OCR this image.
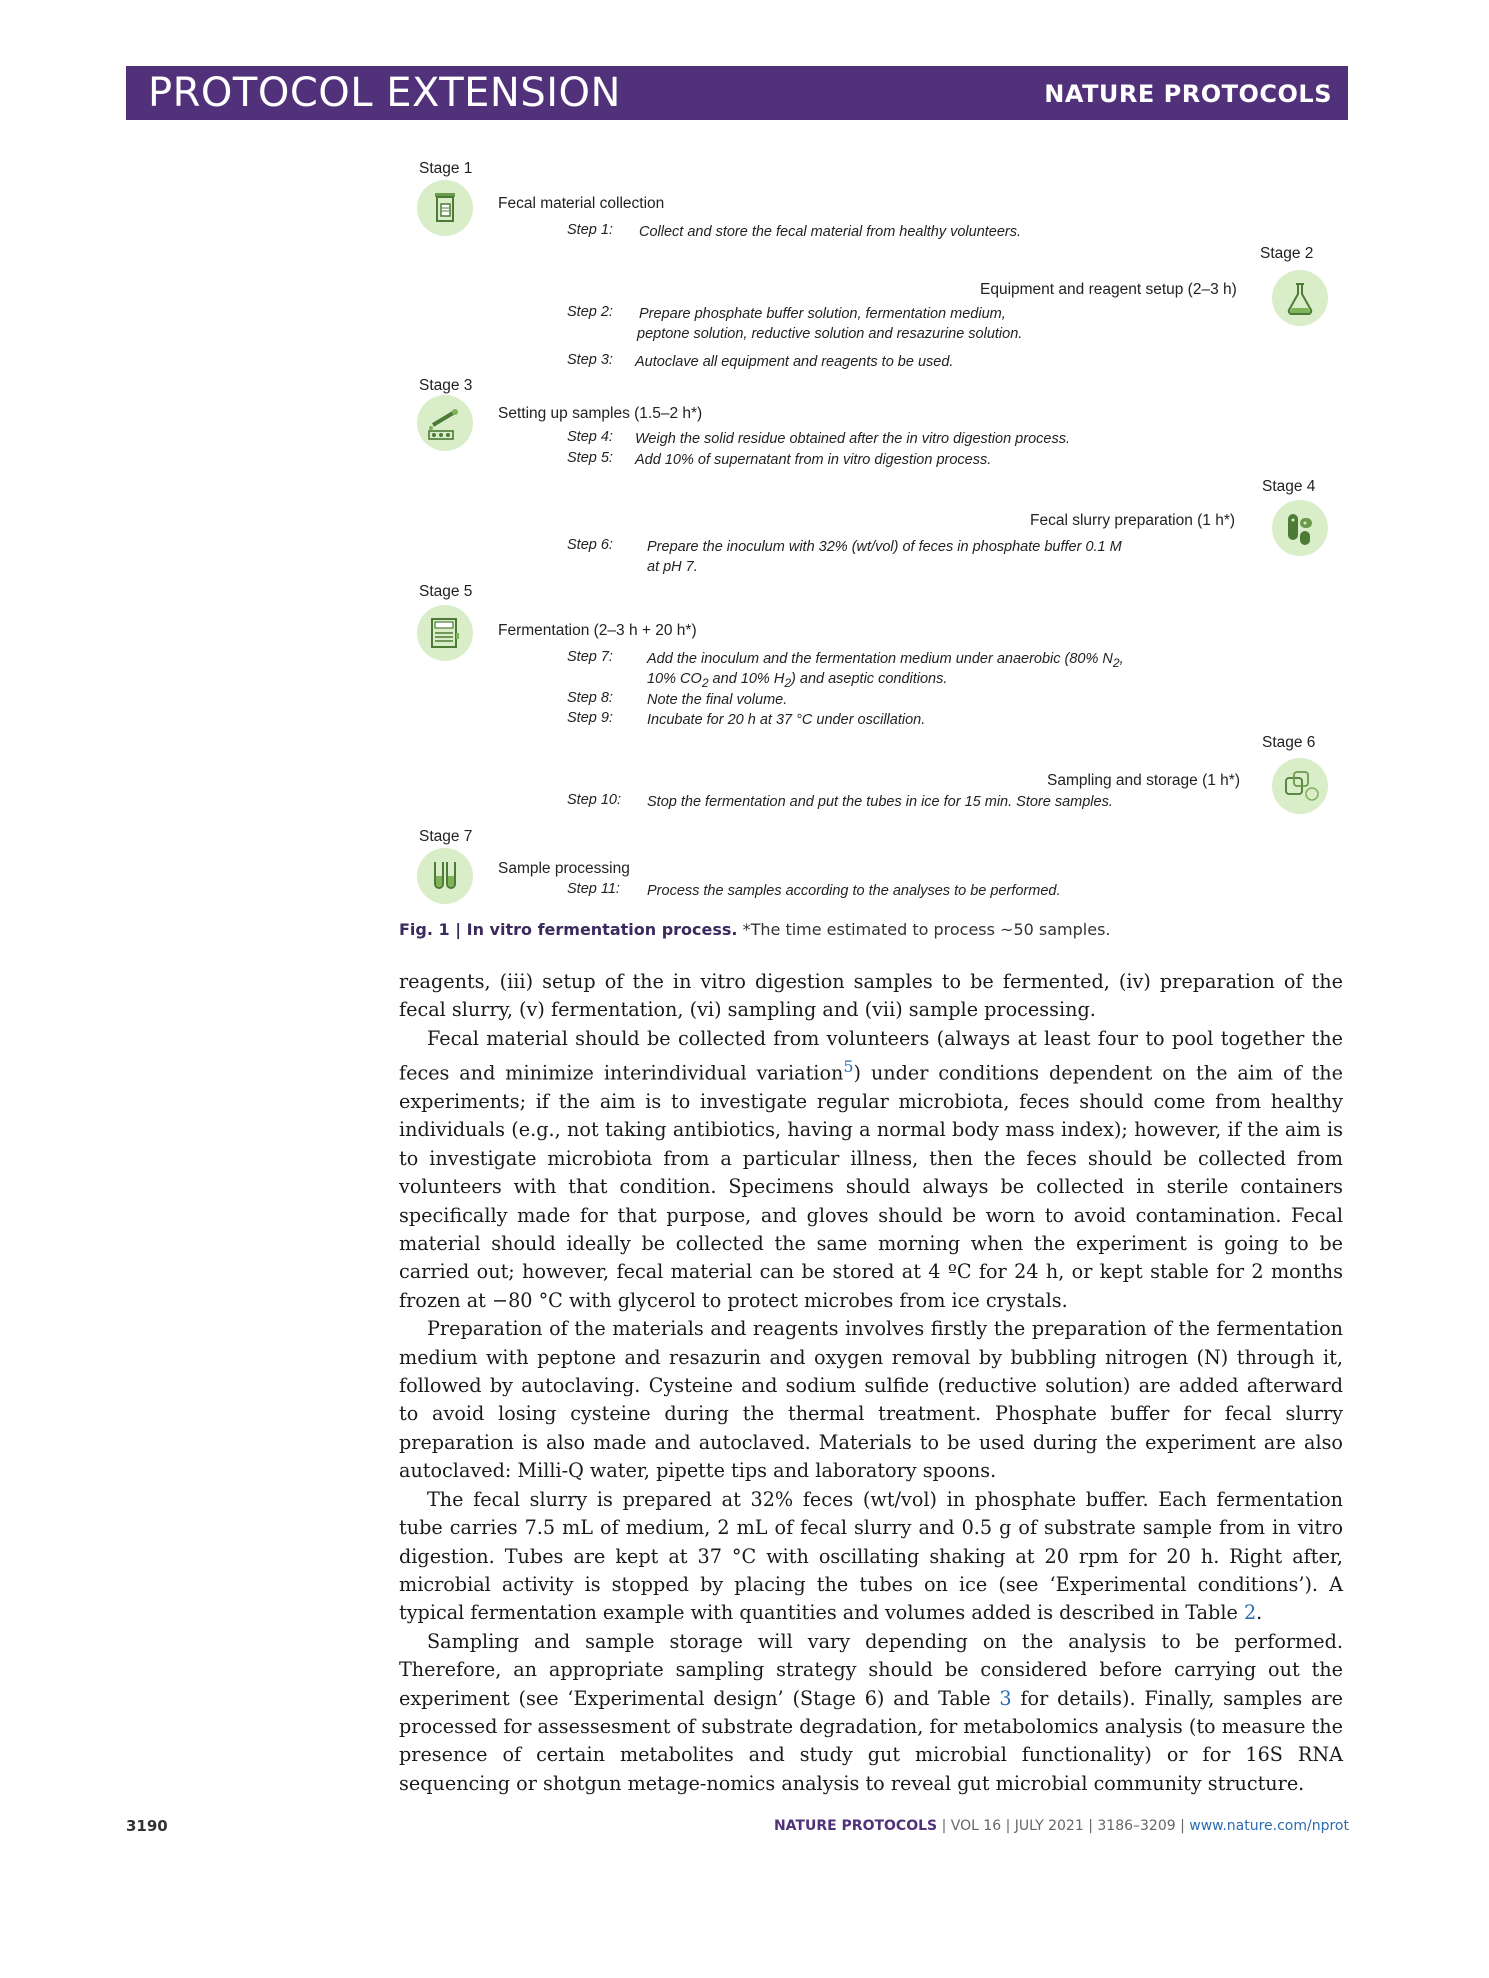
PROTOCOL EXTENSION	NATURE PROTOCOLS
Stage 1
Fecal material collection
Step 1: Collect and store the fecal material from healthy volunteers.
Stage 2
Equipment and reagent setup (2–3 h)
Step 2: Prepare phosphate buffer solution, fermentation medium,
peptone solution, reductive solution and resazurine solution.
Step 3: Autoclave all equipment and reagents to be used.
Stage 3
Setting up samples (1.5–2 h*)
Step 4: Weigh the solid residue obtained after the in vitro digestion process.
Step 5: Add 10% of supernatant from in vitro digestion process.
Stage 4
Fecal slurry preparation (1 h*)
Step 6: Prepare the inoculum with 32% (wt/vol) of feces in phosphate buffer 0.1 M
at pH 7.
Stage 5
Fermentation (2–3 h + 20 h*)
Step 7: Add the inoculum and the fermentation medium under anaerobic (80% $N_2$,
10% $CO_2$ and 10% $H_2$) and aseptic conditions.
Step 8: Note the final volume.
Step 9: Incubate for 20 h at 37 °C under oscillation.
Stage 6
Sampling and storage (1 h*)
Step 10: Stop the fermentation and put the tubes in ice for 15 min. Store samples.
Stage 7
Sample processing
Step 11: Process the samples according to the analyses to be performed.
Fig. 1 | In vitro fermentation process. *The time estimated to process ~50 samples.

reagents, (iii) setup of the in vitro digestion samples to be fermented, (iv) preparation of the fecal slurry, (v) fermentation, (vi) sampling and (vii) sample processing.

Fecal material should be collected from volunteers (always at least four to pool together the feces and minimize interindividual variation$^5$) under conditions dependent on the aim of the experiments; if the aim is to investigate regular microbiota, feces should come from healthy individuals (e.g., not taking antibiotics, having a normal body mass index); however, if the aim is to investigate microbiota from a particular illness, then the feces should be collected from volunteers with that condition. Specimens should always be collected in sterile containers specifically made for that purpose, and gloves should be worn to avoid contamination. Fecal material should ideally be collected the same morning when the experiment is going to be carried out; however, fecal material can be stored at 4 ºC for 24 h, or kept stable for 2 months frozen at −80 °C with glycerol to protect microbes from ice crystals.

Preparation of the materials and reagents involves firstly the preparation of the fermentation medium with peptone and resazurin and oxygen removal by bubbling nitrogen (N) through it, followed by autoclaving. Cysteine and sodium sulfide (reductive solution) are added afterward to avoid losing cysteine during the thermal treatment. Phosphate buffer for fecal slurry preparation is also made and autoclaved. Materials to be used during the experiment are also autoclaved: Milli-Q water, pipette tips and laboratory spoons.

The fecal slurry is prepared at 32% feces (wt/vol) in phosphate buffer. Each fermentation tube carries 7.5 mL of medium, 2 mL of fecal slurry and 0.5 g of substrate sample from in vitro digestion. Tubes are kept at 37 °C with oscillating shaking at 20 rpm for 20 h. Right after, microbial activity is stopped by placing the tubes on ice (see ‘Experimental conditions’). A typical fermentation example with quantities and volumes added is described in Table 2.

Sampling and sample storage will vary depending on the analysis to be performed. Therefore, an appropriate sampling strategy should be considered before carrying out the experiment (see ‘Experimental design’ (Stage 6) and Table 3 for details). Finally, samples are processed for assessesment of substrate degradation, for metabolomics analysis (to measure the presence of certain metabolites and study gut microbial functionality) or for 16S RNA sequencing or shotgun metage-nomics analysis to reveal gut microbial community structure.

3190	NATURE PROTOCOLS | VOL 16 | JULY 2021 | 3186–3209 | www.nature.com/nprot
